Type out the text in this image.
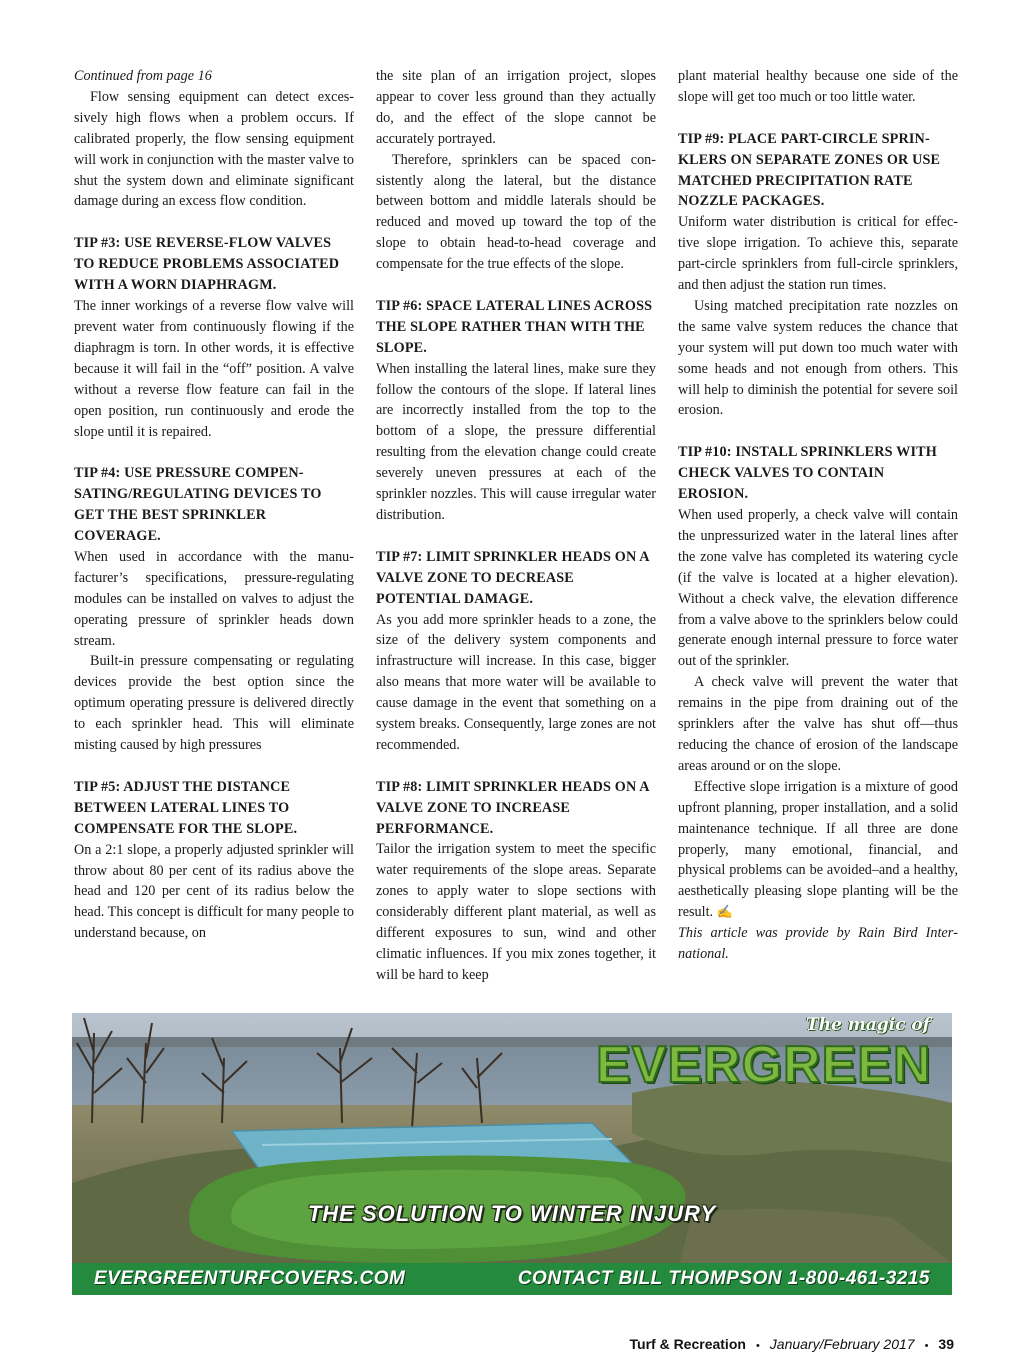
Continued from page 16

Flow sensing equipment can detect excessively high flows when a problem occurs. If calibrated properly, the flow sensing equipment will work in conjunction with the master valve to shut the system down and eliminate significant damage during an excess flow condition.

TIP #3: USE REVERSE-FLOW VALVES TO REDUCE PROBLEMS ASSOCIATED WITH A WORN DIAPHRAGM.

The inner workings of a reverse flow valve will prevent water from continuously flowing if the diaphragm is torn. In other words, it is effective because it will fail in the “off” position. A valve without a reverse flow feature can fail in the open position, run continuously and erode the slope until it is repaired.

TIP #4: USE PRESSURE COMPENSATING/REGULATING DEVICES TO GET THE BEST SPRINKLER COVERAGE.

When used in accordance with the manufacturer’s specifications, pressure-regulating modules can be installed on valves to adjust the operating pressure of sprinkler heads down stream.

Built-in pressure compensating or regulating devices provide the best option since the optimum operating pressure is delivered directly to each sprinkler head. This will eliminate misting caused by high pressures

TIP #5: ADJUST THE DISTANCE BETWEEN LATERAL LINES TO COMPENSATE FOR THE SLOPE.

On a 2:1 slope, a properly adjusted sprinkler will throw about 80 per cent of its radius above the head and 120 per cent of its radius below the head. This concept is difficult for many people to understand because, on

the site plan of an irrigation project, slopes appear to cover less ground than they actually do, and the effect of the slope cannot be accurately portrayed.

Therefore, sprinklers can be spaced consistently along the lateral, but the distance between bottom and middle laterals should be reduced and moved up toward the top of the slope to obtain head-to-head coverage and compensate for the true effects of the slope.

TIP #6: SPACE LATERAL LINES ACROSS THE SLOPE RATHER THAN WITH THE SLOPE.

When installing the lateral lines, make sure they follow the contours of the slope. If lateral lines are incorrectly installed from the top to the bottom of a slope, the pressure differential resulting from the elevation change could create severely uneven pressures at each of the sprinkler nozzles. This will cause irregular water distribution.

TIP #7: LIMIT SPRINKLER HEADS ON A VALVE ZONE TO DECREASE POTENTIAL DAMAGE.

As you add more sprinkler heads to a zone, the size of the delivery system components and infrastructure will increase. In this case, bigger also means that more water will be available to cause damage in the event that something on a system breaks. Consequently, large zones are not recommended.

TIP #8: LIMIT SPRINKLER HEADS ON A VALVE ZONE TO INCREASE PERFORMANCE.

Tailor the irrigation system to meet the specific water requirements of the slope areas. Separate zones to apply water to slope sections with considerably different plant material, as well as different exposures to sun, wind and other climatic influences. If you mix zones together, it will be hard to keep

plant material healthy because one side of the slope will get too much or too little water.

TIP #9: PLACE PART-CIRCLE SPRINKLERS ON SEPARATE ZONES OR USE MATCHED PRECIPITATION RATE NOZZLE PACKAGES.

Uniform water distribution is critical for effective slope irrigation. To achieve this, separate part-circle sprinklers from full-circle sprinklers, and then adjust the station run times.

Using matched precipitation rate nozzles on the same valve system reduces the chance that your system will put down too much water with some heads and not enough from others. This will help to diminish the potential for severe soil erosion.

TIP #10: INSTALL SPRINKLERS WITH CHECK VALVES TO CONTAIN EROSION.

When used properly, a check valve will contain the unpressurized water in the lateral lines after the zone valve has completed its watering cycle (if the valve is located at a higher elevation). Without a check valve, the elevation difference from a valve above to the sprinklers below could generate enough internal pressure to force water out of the sprinkler.

A check valve will prevent the water that remains in the pipe from draining out of the sprinklers after the valve has shut off—thus reducing the chance of erosion of the landscape areas around or on the slope.

Effective slope irrigation is a mixture of good upfront planning, proper installation, and a solid maintenance technique. If all three are done properly, many emotional, financial, and physical problems can be avoided–and a healthy, aesthetically pleasing slope planting will be the result. ✍

This article was provide by Rain Bird International.

The magic of
EVERGREEN
THE SOLUTION TO WINTER INJURY
EVERGREENTURFCOVERS.COM	CONTACT BILL THOMPSON 1-800-461-3215
Turf & Recreation • January/February 2017 • 39
